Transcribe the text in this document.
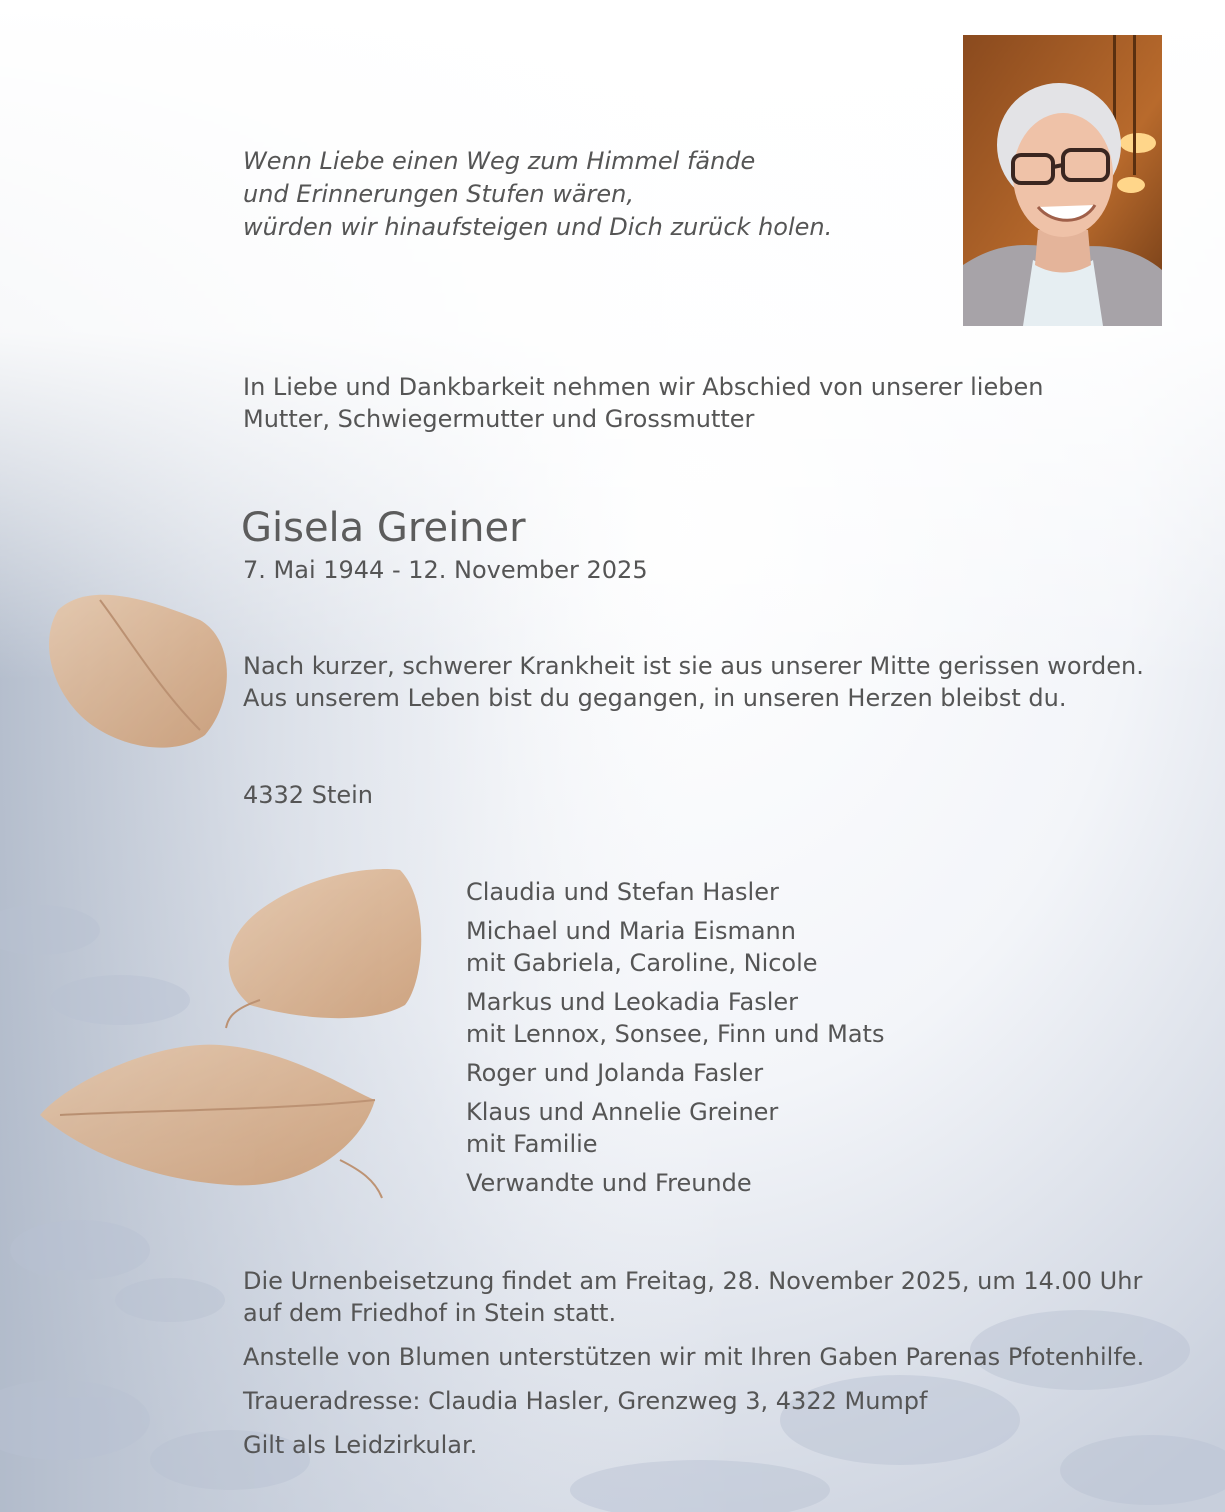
Wenn Liebe einen Weg zum Himmel fände
und Erinnerungen Stufen wären,
würden wir hinaufsteigen und Dich zurück holen.
In Liebe und Dankbarkeit nehmen wir Abschied von unserer lieben
Mutter, Schwiegermutter und Grossmutter
Gisela Greiner
7. Mai 1944 - 12. November 2025
Nach kurzer, schwerer Krankheit ist sie aus unserer Mitte gerissen worden.
Aus unserem Leben bist du gegangen, in unseren Herzen bleibst du.
4332 Stein
Claudia und Stefan Hasler
Michael und Maria Eismann
mit Gabriela, Caroline, Nicole
Markus und Leokadia Fasler
mit Lennox, Sonsee, Finn und Mats
Roger und Jolanda Fasler
Klaus und Annelie Greiner
mit Familie
Verwandte und Freunde

Die Urnenbeisetzung findet am Freitag, 28. November 2025, um 14.00 Uhr
auf dem Friedhof in Stein statt.

Anstelle von Blumen unterstützen wir mit Ihren Gaben Parenas Pfotenhilfe.

Traueradresse: Claudia Hasler, Grenzweg 3, 4322 Mumpf

Gilt als Leidzirkular.
